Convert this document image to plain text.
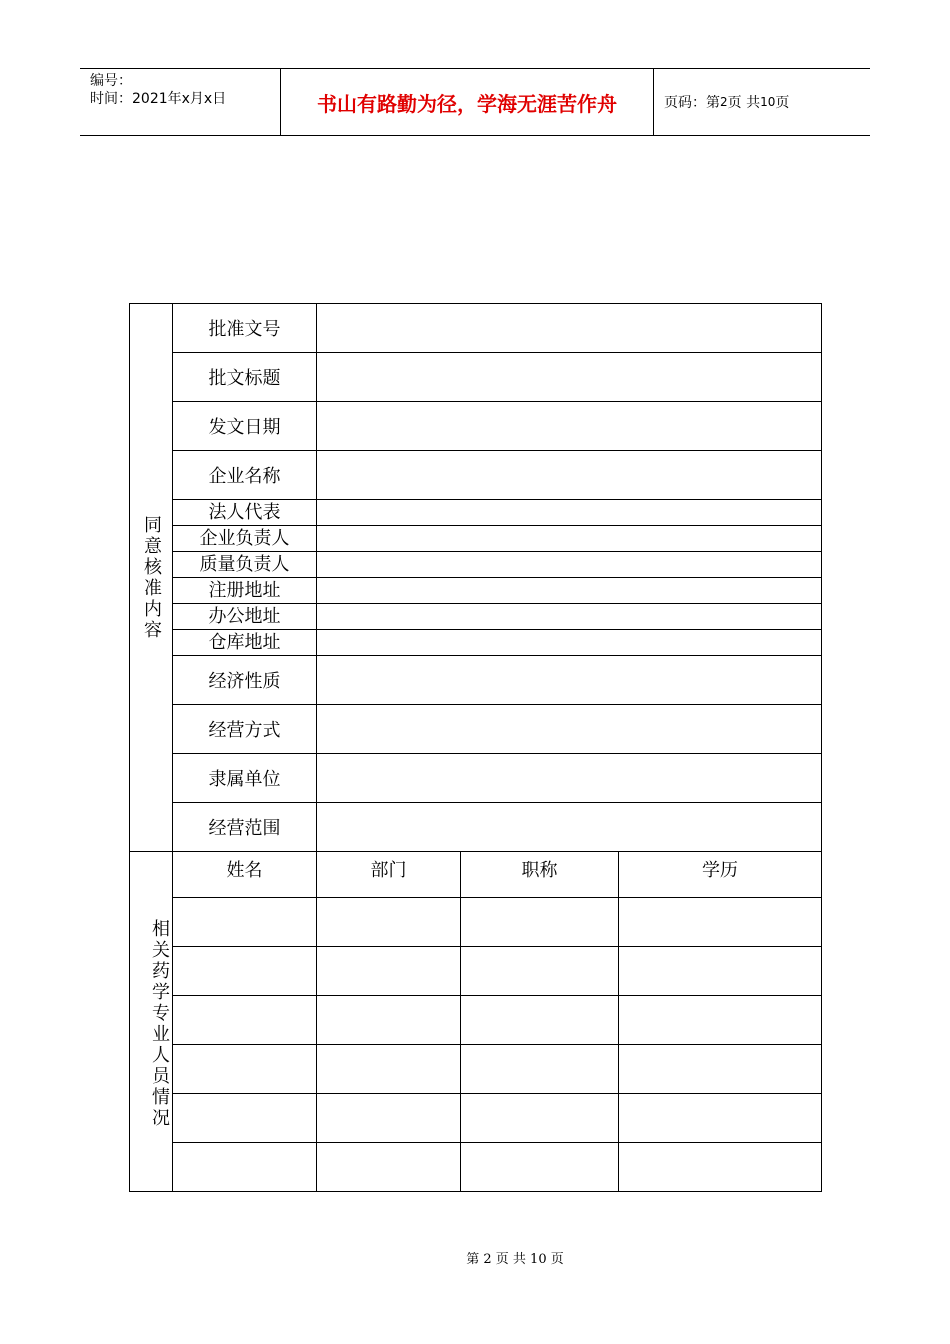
编号：
时间：2021年x月x日	书山有路勤为径，学海无涯苦作舟	页码：第 2 页 共 10 页
同意核准内容	批准文号			
	批文标题			
	发文日期			
	企业名称			
	法人代表			
	企业负责人			
	质量负责人			
	注册地址			
	办公地址			
	仓库地址			
	经济性质			
	经营方式			
	隶属单位			
	经营范围			
相关药学专业人员情况	姓名	部门	职称	学历

第 2 页 共 10 页
